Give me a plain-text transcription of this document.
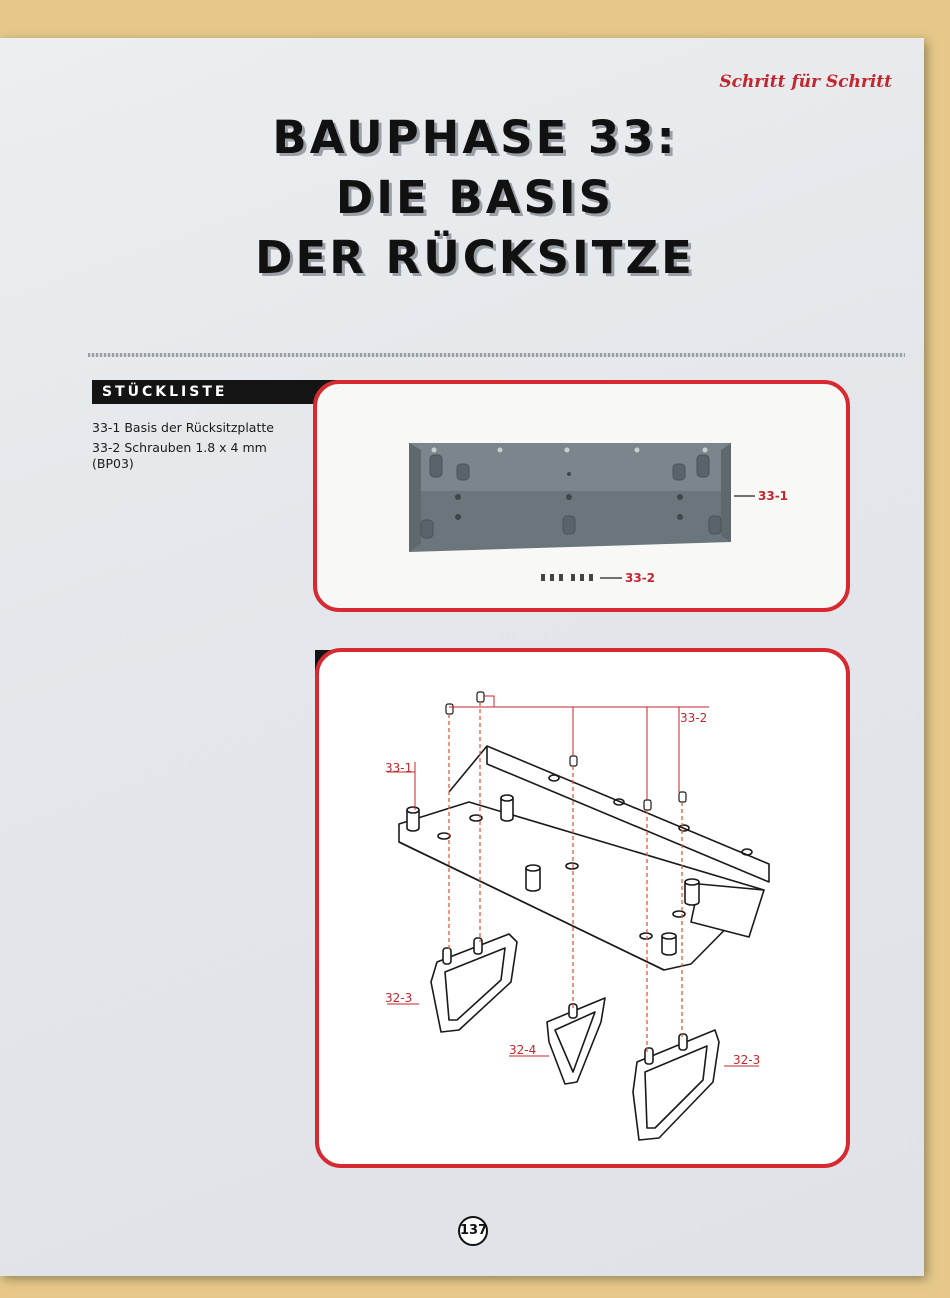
Schritt für Schritt
BAUPHASE 33:
DIE BASIS
DER RÜCKSITZE
STÜCKLISTE
33-1 Basis der Rücksitzplatte
33-2 Schrauben 1.8 x 4 mm
(BP03)
33-1
33-2
33-2
33-1
32-3
32-4
32-3
137
